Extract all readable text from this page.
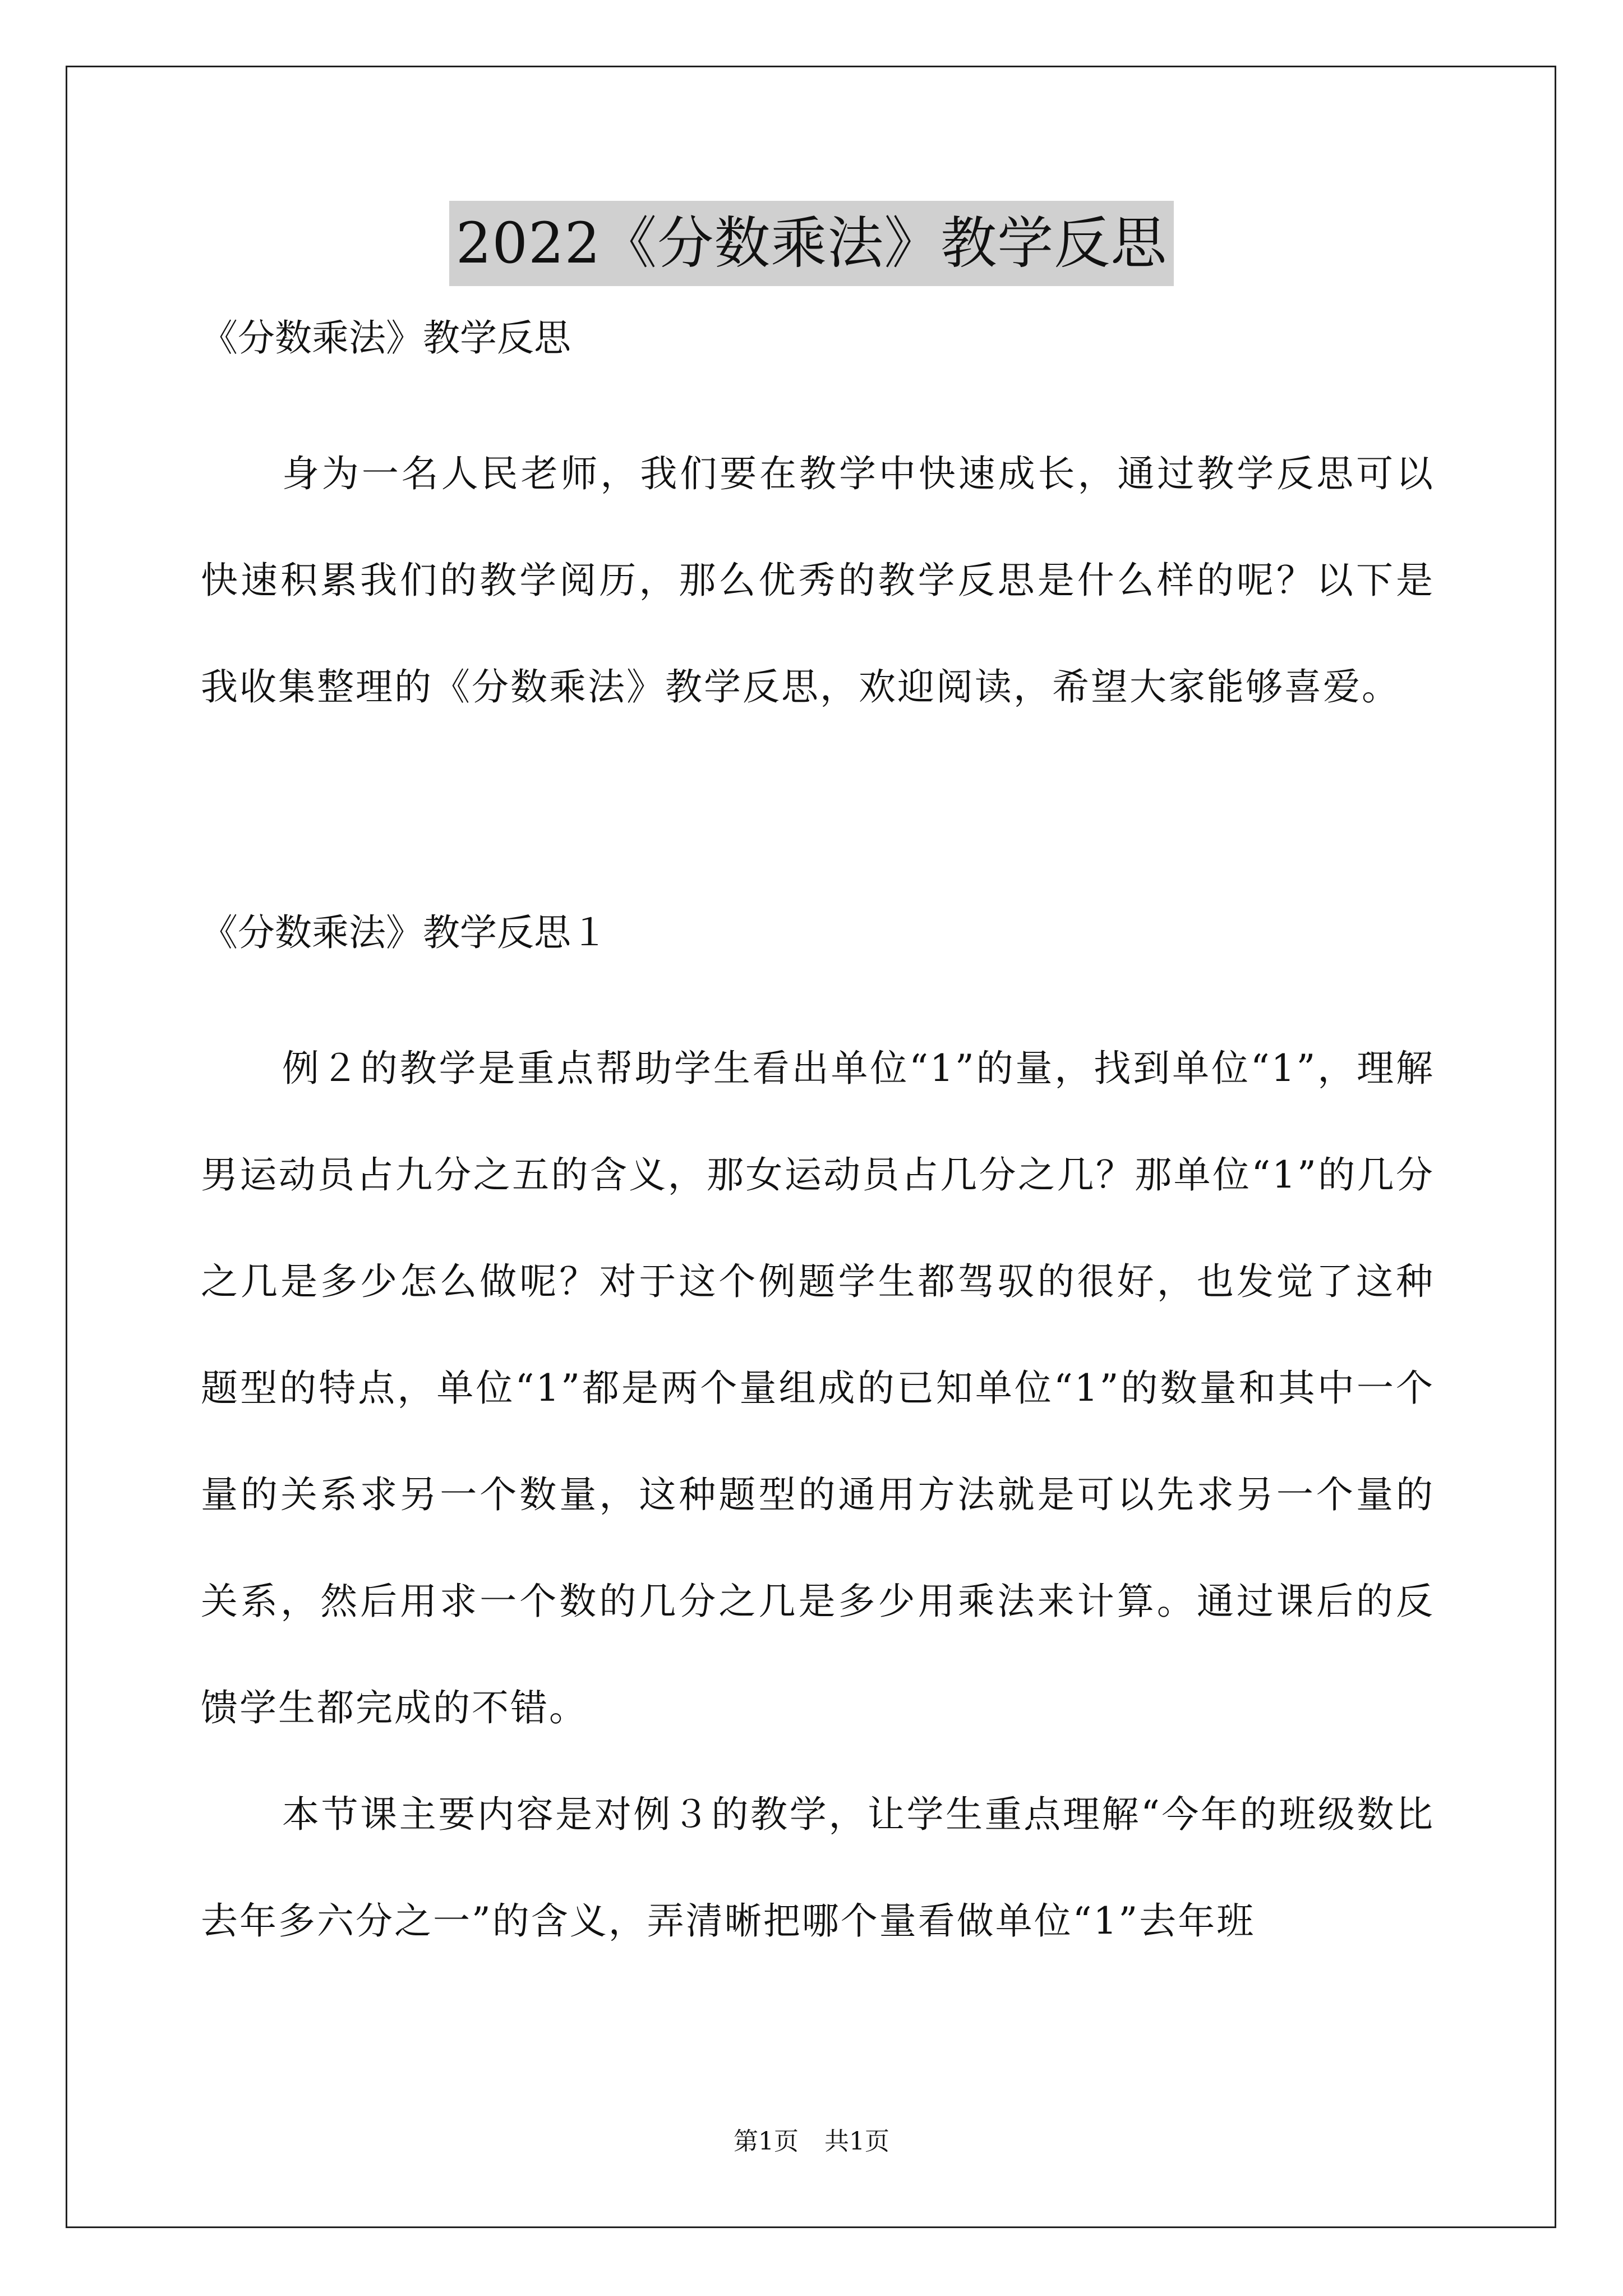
2022《分数乘法》教学反思

《分数乘法》教学反思

身为一名人民老师，我们要在教学中快速成长，通过教学反思可以快速积累我们的教学阅历，那么优秀的教学反思是什么样的呢？以下是我收集整理的《分数乘法》教学反思，欢迎阅读，希望大家能够喜爱。

《分数乘法》教学反思１

例２的教学是重点帮助学生看出单位“1”的量，找到单位“1”，理解男运动员占九分之五的含义，那女运动员占几分之几？那单位“1”的几分之几是多少怎么做呢？对于这个例题学生都驾驭的很好，也发觉了这种题型的特点，单位“1”都是两个量组成的已知单位“1”的数量和其中一个量的关系求另一个数量，这种题型的通用方法就是可以先求另一个量的关系，然后用求一个数的几分之几是多少用乘法来计算。通过课后的反馈学生都完成的不错。

本节课主要内容是对例３的教学，让学生重点理解“今年的班级数比去年多六分之一”的含义，弄清晰把哪个量看做单位“1”去年班

第1页 共1页
